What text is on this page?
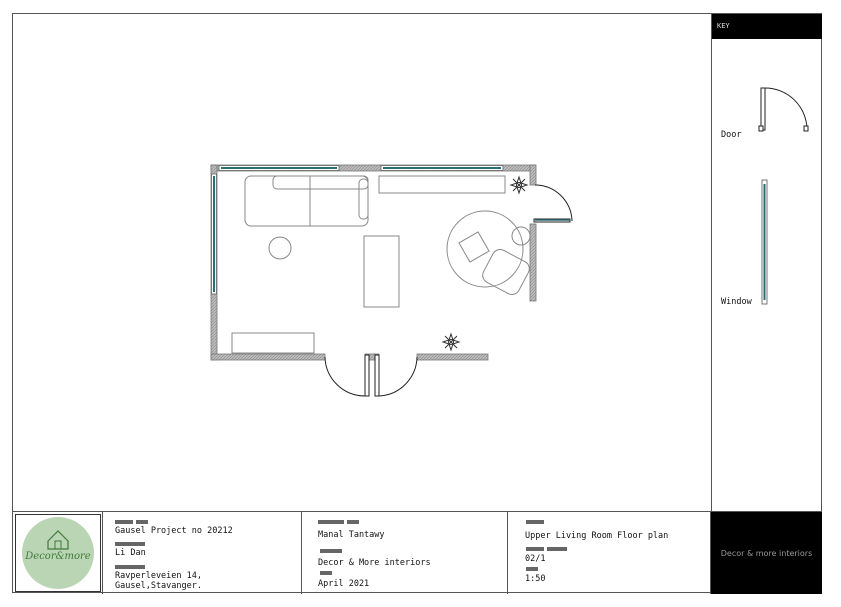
KEY
Door
Window
Decor&more
Gausel Project no 20212
Li Dan
Ravperleveien 14,
Gausel,Stavanger.
Manal Tantawy
Decor & More interiors
April 2021
Upper Living Room Floor plan
02/1
1:50
Decor & more interiors
